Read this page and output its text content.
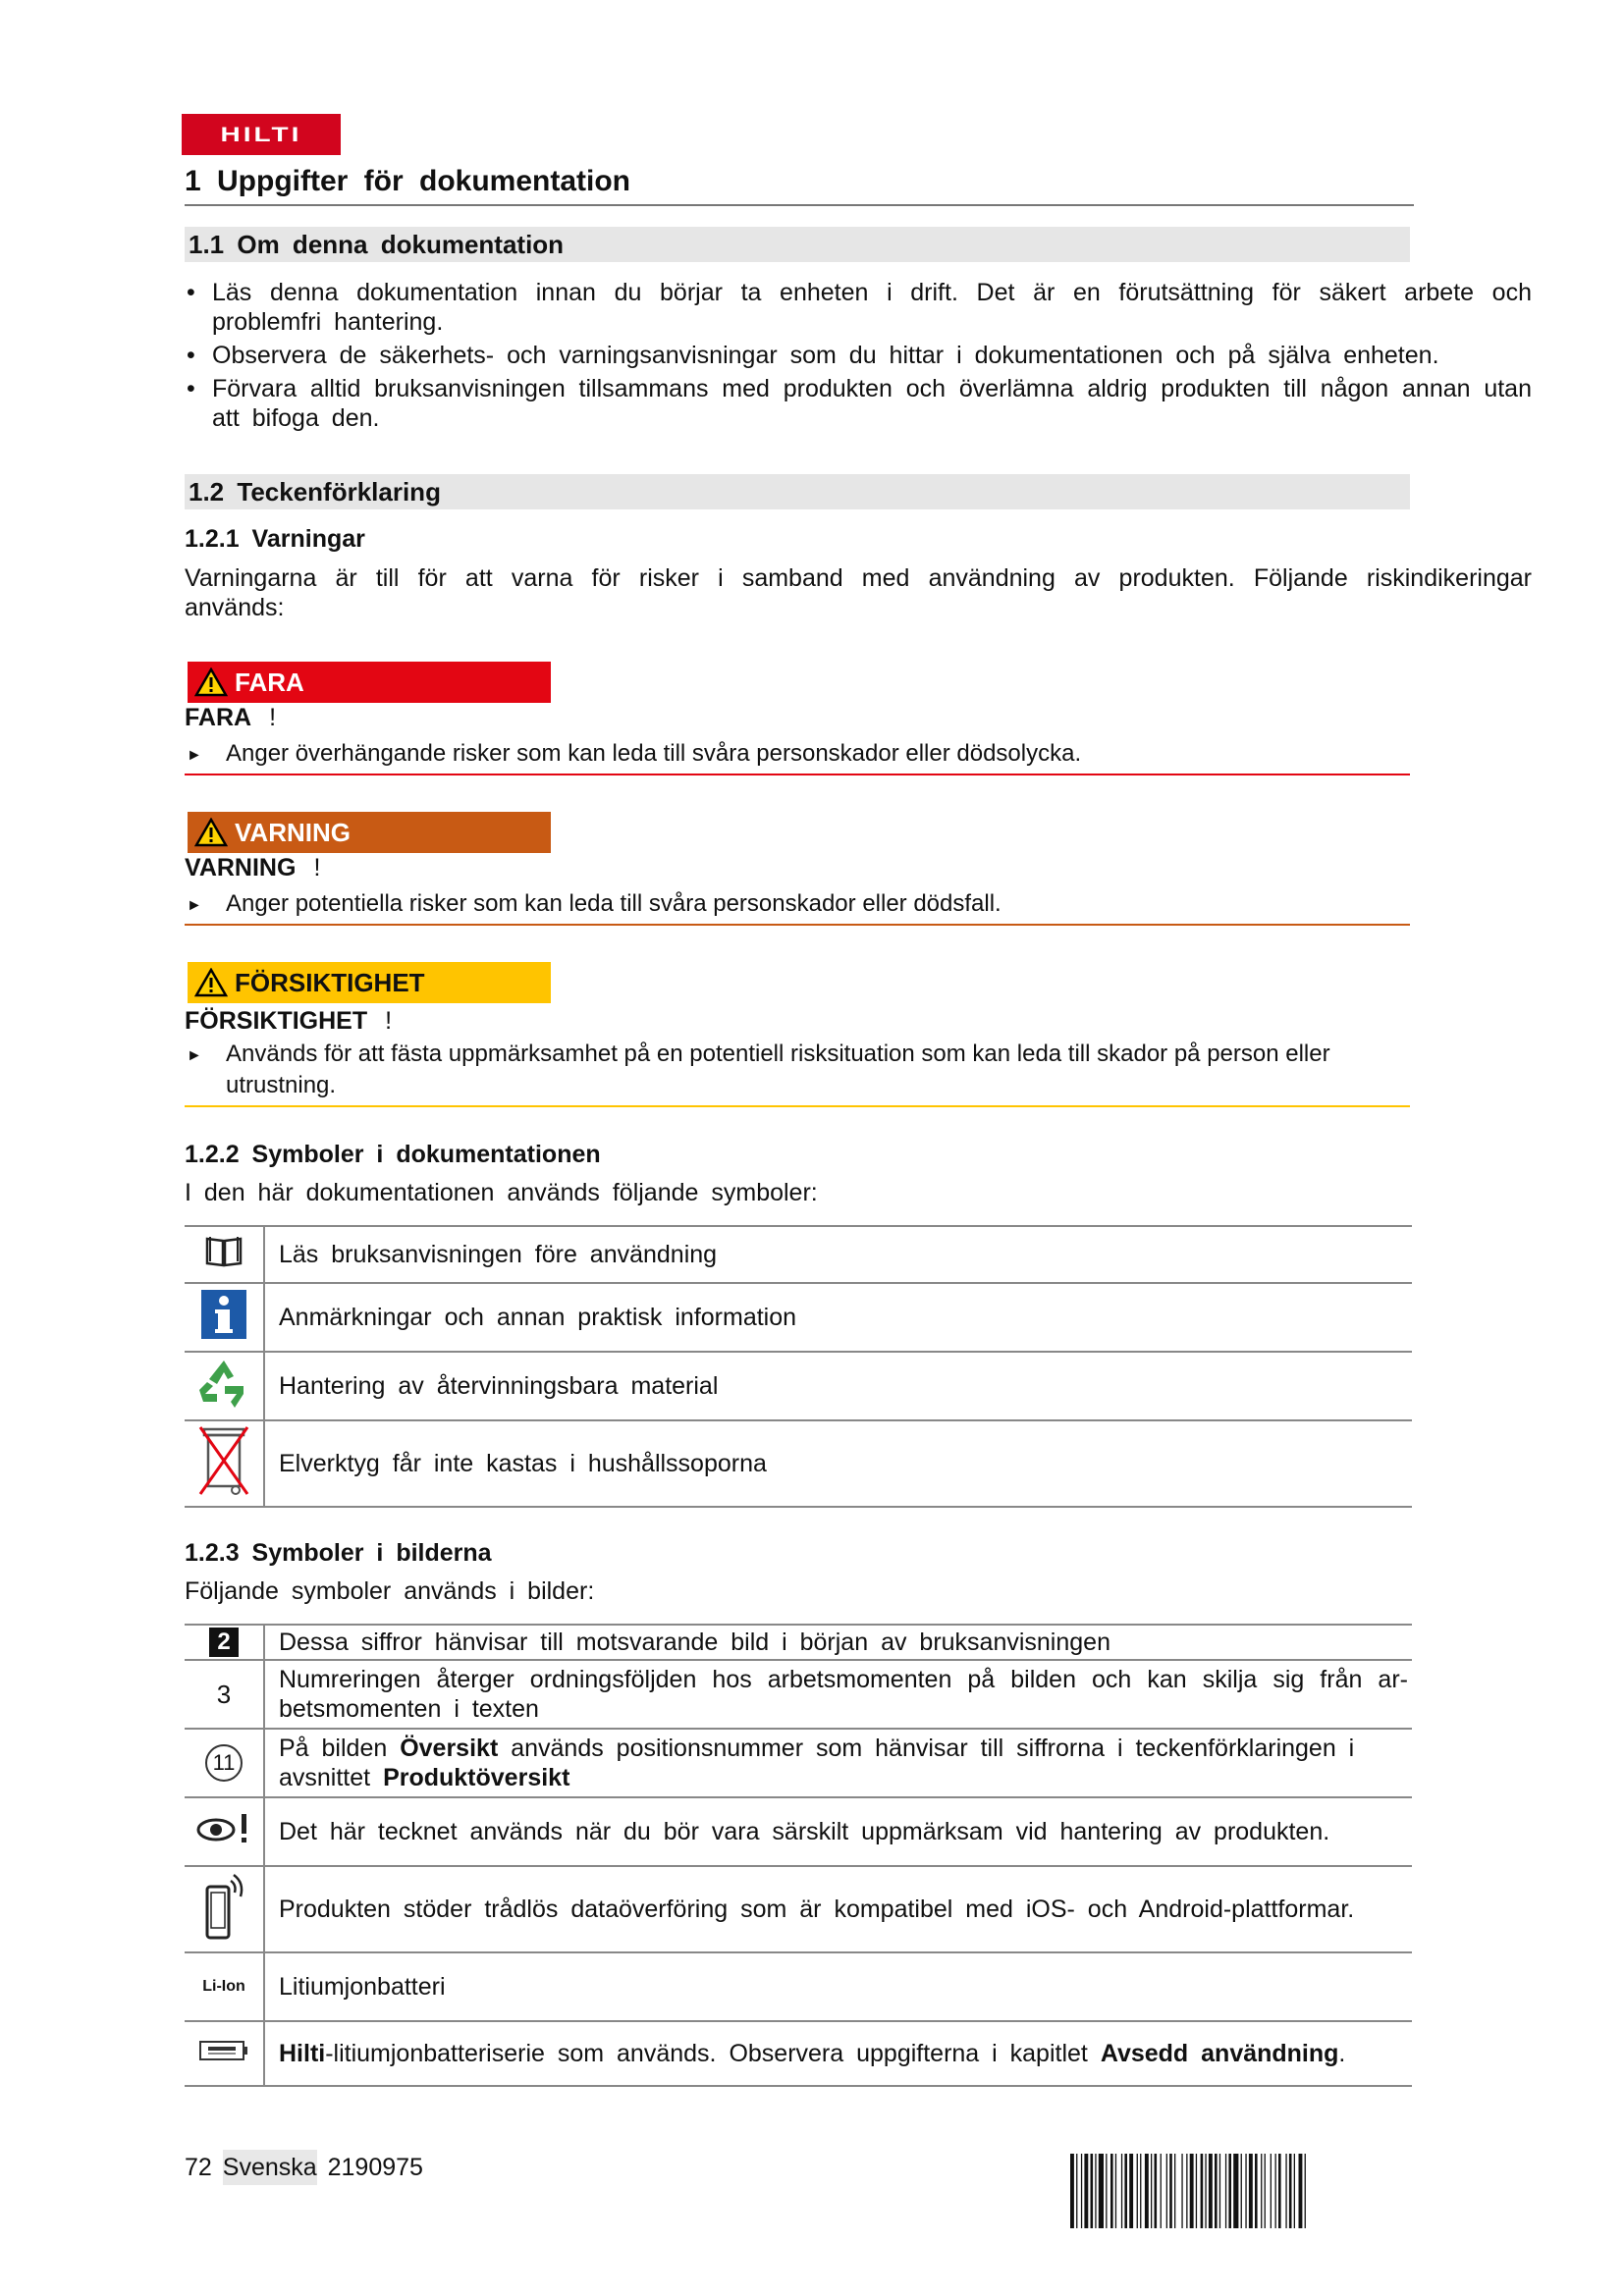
HILTI
1 Uppgifter för dokumentation
1.1 Om denna dokumentation
• Läs denna dokumentation innan du börjar ta enheten i drift. Det är en förutsättning för säkert arbete och problemfri hantering.
• Observera de säkerhets- och varningsanvisningar som du hittar i dokumentationen och på själva enheten.
• Förvara alltid bruksanvisningen tillsammans med produkten och överlämna aldrig produkten till någon annan utan att bifoga den.
1.2 Teckenförklaring
1.2.1 Varningar
Varningarna är till för att varna för risker i samband med användning av produkten. Följande riskindikeringar används:
FARA
FARA !
► Anger överhängande risker som kan leda till svåra personskador eller dödsolycka.
VARNING
VARNING !
► Anger potentiella risker som kan leda till svåra personskador eller dödsfall.
FÖRSIKTIGHET
FÖRSIKTIGHET !
► Används för att fästa uppmärksamhet på en potentiell risksituation som kan leda till skador på person eller utrustning.
1.2.2 Symboler i dokumentationen
I den här dokumentationen används följande symboler:
	Läs bruksanvisningen före användning
	Anmärkningar och annan praktisk information
	Hantering av återvinningsbara material
	Elverktyg får inte kastas i hushållssoporna
1.2.3 Symboler i bilderna
Följande symboler används i bilder:
2	Dessa siffror hänvisar till motsvarande bild i början av bruksanvisningen
3	Numreringen återger ordningsföljden hos arbetsmomenten på bilden och kan skilja sig från arbetsmomenten i texten
11	På bilden Översikt används positionsnummer som hänvisar till siffrorna i teckenförklaringen i avsnittet Produktöversikt
	Det här tecknet används när du bör vara särskilt uppmärksam vid hantering av produkten.
	Produkten stöder trådlös dataöverföring som är kompatibel med iOS- och Android-plattformar.
Li-Ion	Litiumjonbatteri
	Hilti-litiumjonbatteriserie som används. Observera uppgifterna i kapitlet Avsedd användning.
72 Svenska 2190975
